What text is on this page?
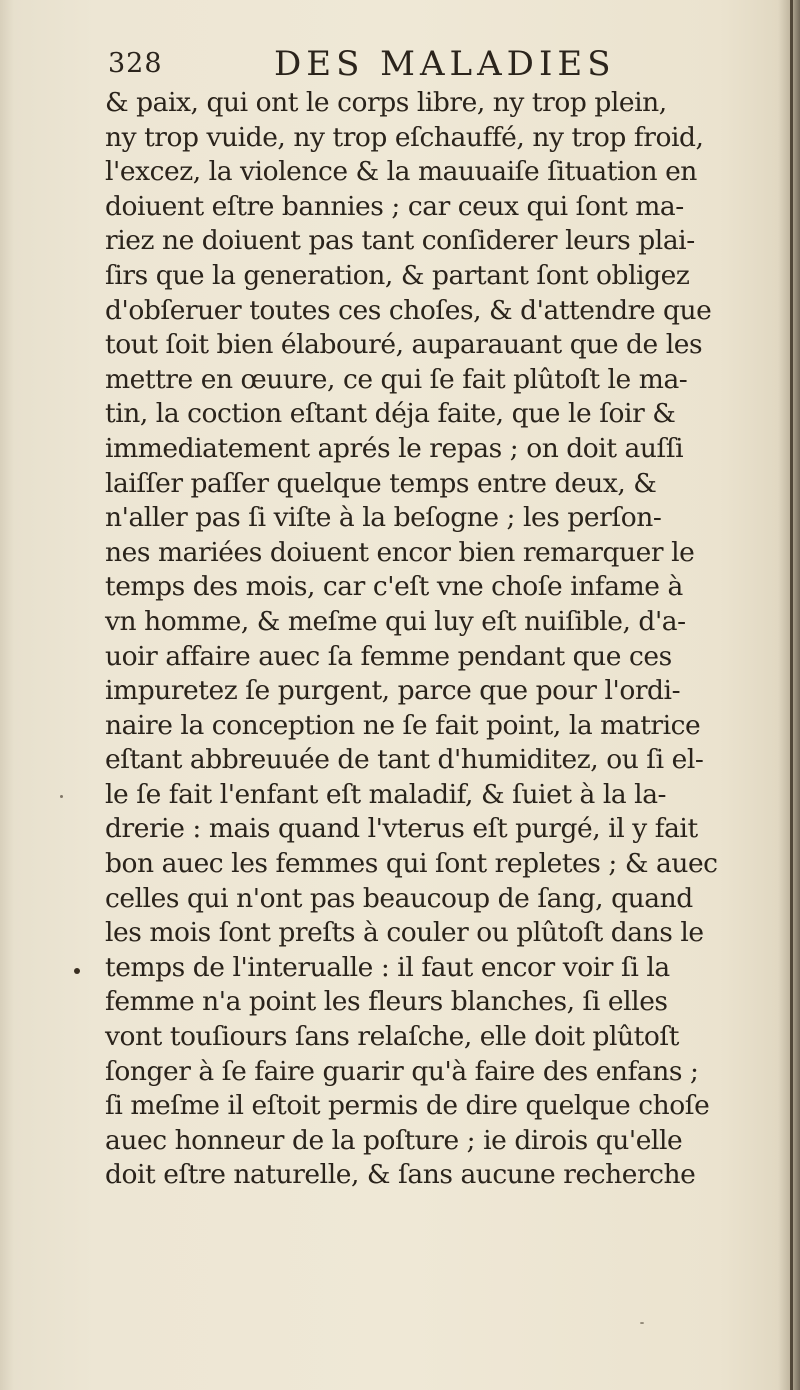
328	DES MALADIES
& paix, qui ont le corps libre, ny trop plein,
ny trop vuide, ny trop eſchauffé, ny trop froid,
l'excez, la violence & la mauuaiſe ſituation en
doiuent eſtre bannies ; car ceux qui ſont ma-
riez ne doiuent pas tant conſiderer leurs plai-
ſirs que la generation, & partant ſont obligez
d'obſeruer toutes ces choſes, & d'attendre que
tout ſoit bien élabouré, auparauant que de les
mettre en œuure, ce qui ſe fait plûtoſt le ma-
tin, la coction eſtant déja faite, que le ſoir &
immediatement aprés le repas ; on doit auſſi
laiſſer paſſer quelque temps entre deux, &
n'aller pas ſi viſte à la beſogne ; les perſon-
nes mariées doiuent encor bien remarquer le
temps des mois, car c'eſt vne choſe infame à
vn homme, & meſme qui luy eſt nuiſible, d'a-
uoir affaire auec ſa femme pendant que ces
impuretez ſe purgent, parce que pour l'ordi-
naire la conception ne ſe fait point, la matrice
eſtant abbreuuée de tant d'humiditez, ou ſi el-
le ſe fait l'enfant eſt maladif, & ſuiet à la la-
drerie : mais quand l'vterus eſt purgé, il y fait
bon auec les femmes qui ſont repletes ; & auec
celles qui n'ont pas beaucoup de ſang, quand
les mois ſont preſts à couler ou plûtoſt dans le
temps de l'interualle : il faut encor voir ſi la
femme n'a point les fleurs blanches, ſi elles
vont touſiours ſans relaſche, elle doit plûtoſt
ſonger à ſe faire guarir qu'à faire des enfans ;
ſi meſme il eſtoit permis de dire quelque choſe
auec honneur de la poſture ; ie dirois qu'elle
doit eſtre naturelle, & ſans aucune recherche
